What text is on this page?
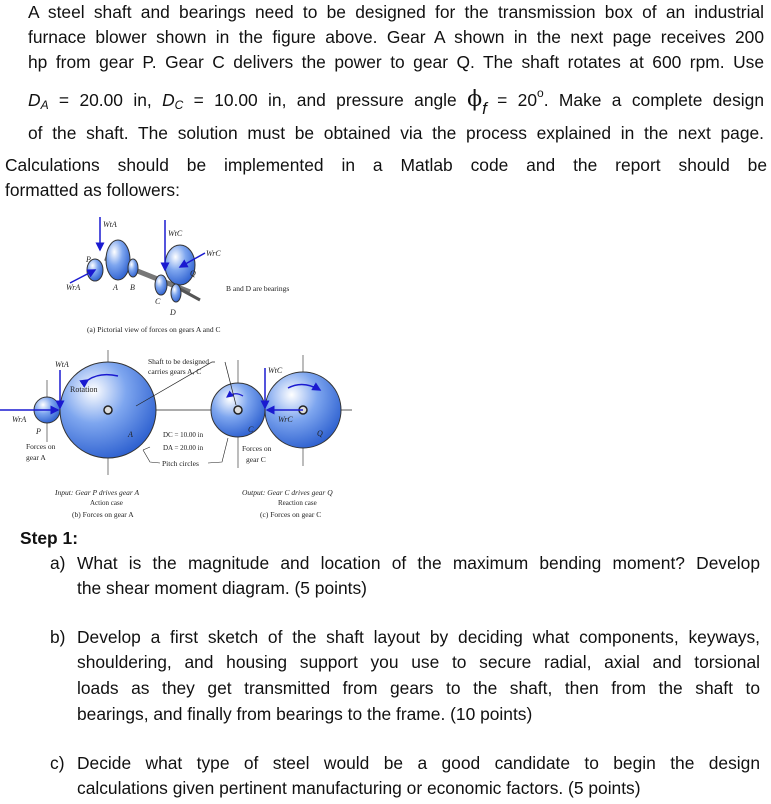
A steel shaft and bearings need to be designed for the transmission box of an industrial
furnace blower shown in the figure above. Gear A shown in the next page receives 200
hp from gear P. Gear C delivers the power to gear Q. The shaft rotates at 600 rpm. Use
$D_A = 20.00$ in, $D_C = 10.00$ in, and pressure angle $\phi f = 20^o$. Make a complete design
of the shaft. The solution must be obtained via the process explained in the next page.
Calculations should be implemented in a Matlab code and the report should be
formatted as followers:
WtA
WtC
WrC
WrA
P
Q
A B
C
D
B and D are bearings
(a) Pictorial view of forces on gears A and C
WtA
Rotation
WrA
P	A
Forces on
gear A
Shaft to be designed
carries gears A, C
DC = 10.00 in
DA = 20.00 in
Pitch circles
Input: Gear P drives gear A
Action case
(b) Forces on gear A
WtC
WrC
C	Q
Forces on
gear C
Output: Gear C drives gear Q
Reaction case
(c) Forces on gear C
Step 1:
a) What is the magnitude and location of the maximum bending moment? Develop
the shear moment diagram. (5 points)
b) Develop a first sketch of the shaft layout by deciding what components, keyways,
shouldering, and housing support you use to secure radial, axial and torsional
loads as they get transmitted from gears to the shaft, then from the shaft to
bearings, and finally from bearings to the frame. (10 points)
c) Decide what type of steel would be a good candidate to begin the design
calculations given pertinent manufacturing or economic factors. (5 points)
